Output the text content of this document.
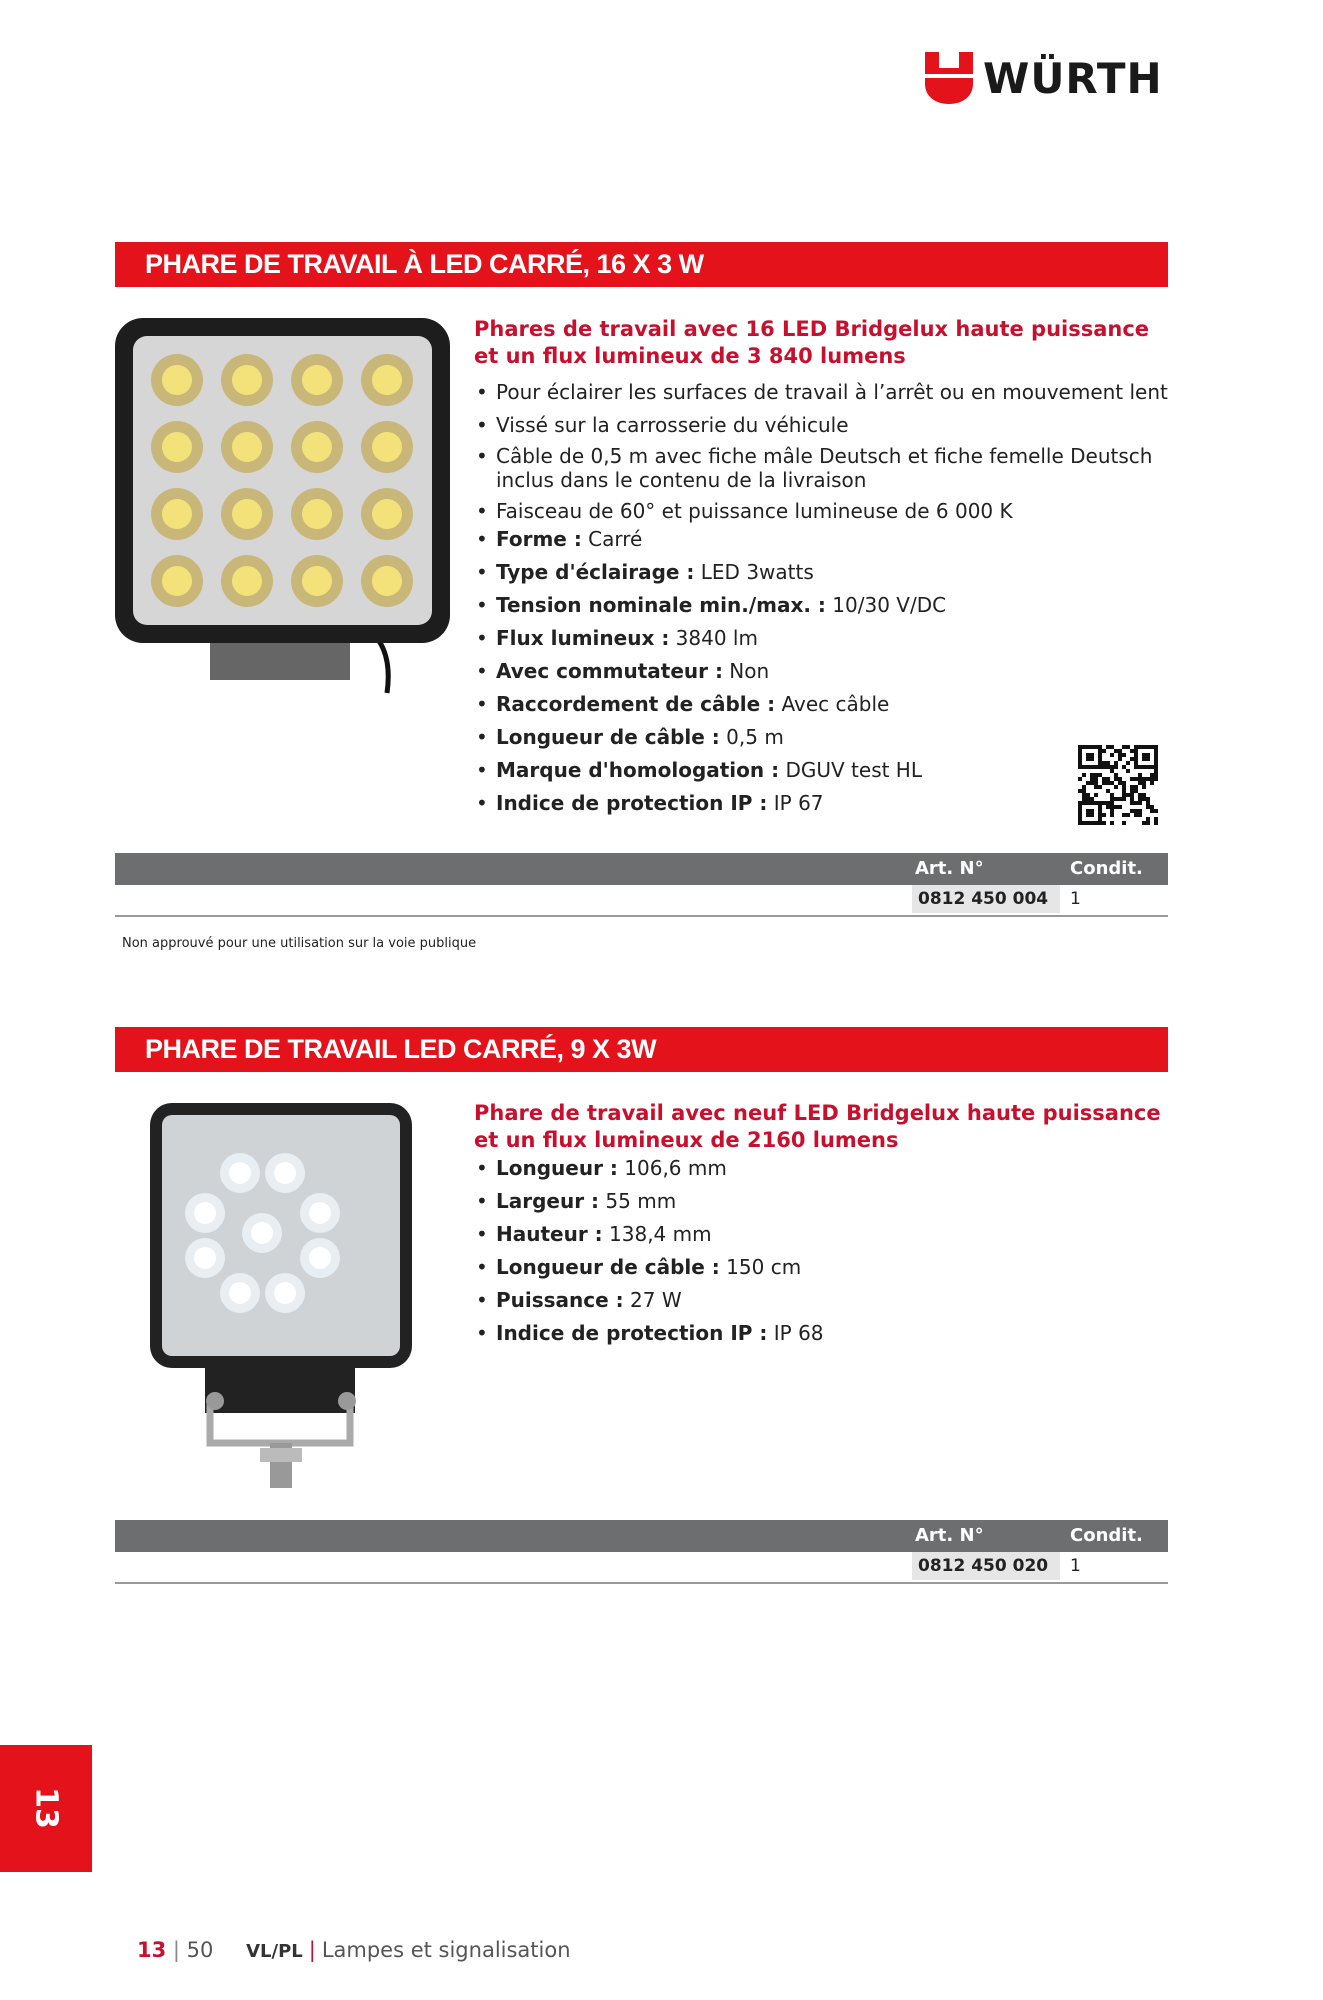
WÜRTH
PHARE DE TRAVAIL À LED CARRÉ, 16 X 3 W
Phares de travail avec 16 LED Bridgelux haute puissance et un flux lumineux de 3 840 lumens
• Pour éclairer les surfaces de travail à l’arrêt ou en mouvement lent
• Vissé sur la carrosserie du véhicule
• Câble de 0,5 m avec fiche mâle Deutsch et fiche femelle Deutsch inclus dans le contenu de la livraison
• Faisceau de 60° et puissance lumineuse de 6 000 K
• Forme : Carré
• Type d'éclairage : LED 3watts
• Tension nominale min./max. : 10/30 V/DC
• Flux lumineux : 3840 lm
• Avec commutateur : Non
• Raccordement de câble : Avec câble
• Longueur de câble : 0,5 m
• Marque d'homologation : DGUV test HL
• Indice de protection IP : IP 67
Art. N°	Condit.
0812 450 004	1
Non approuvé pour une utilisation sur la voie publique
PHARE DE TRAVAIL LED CARRÉ, 9 X 3W
Phare de travail avec neuf LED Bridgelux haute puissance et un flux lumineux de 2160 lumens
• Longueur : 106,6 mm
• Largeur : 55 mm
• Hauteur : 138,4 mm
• Longueur de câble : 150 cm
• Puissance : 27 W
• Indice de protection IP : IP 68
Art. N°	Condit.
0812 450 020	1
13
13 | 50 VL/PL | Lampes et signalisation
